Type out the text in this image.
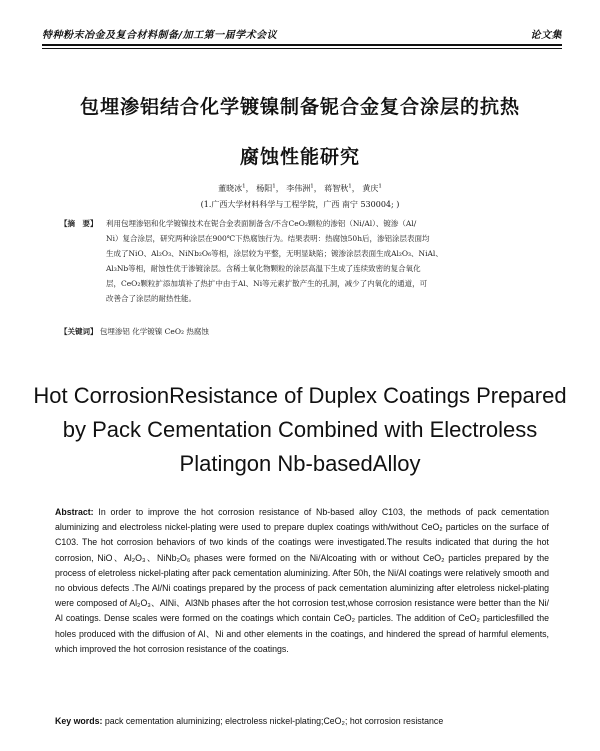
特种粉末冶金及复合材料制备/加工第一届学术会议	论文集
包埋渗铝结合化学镀镍制备铌合金复合涂层的抗热
腐蚀性能研究
董晓冰$^1$， 杨阳$^1$， 李伟洲$^1$， 蒋智秋$^1$， 黄庆$^1$
(1.广西大学材料科学与工程学院，广西 南宁 530004; )
【摘　要】	利用包埋渗铝和化学镀镍技术在铌合金表面制备含/不含CeO₂颗粒的渗铝（Ni/Al）、镀渗（Al/
Ni）复合涂层，研究两种涂层在900℃下热腐蚀行为。结果表明：热腐蚀50h后，渗铝涂层表面均
生成了NiO、Al₂O₃、NiNb₂O₆等相，涂层较为平整，无明显缺陷；镀渗涂层表面生成Al₂O₃、NiAl、
Al₃Nb等相，耐蚀性优于渗镀涂层。含稀土氧化物颗粒的涂层高温下生成了连续致密的复合氧化
层，CeO₂颗粒扩添加填补了热扩中由于Al、Ni等元素扩散产生的孔洞，减少了内氧化的通道，可
改善合了涂层的耐热性能。
【关键词】 包埋渗铝 化学镀镍 CeO₂ 热腐蚀
Hot CorrosionResistance of Duplex Coatings Prepared
by Pack Cementation Combined with Electroless
Platingon Nb-basedAlloy
Abstract: In order to improve the hot corrosion resistance of Nb-based alloy C103, the methods of pack cementation aluminizing and electroless nickel-plating were used to prepare duplex coatings with/without CeO₂ particles on the surface of C103. The hot corrosion behaviors of two kinds of the coatings were investigated.The results indicated that during the hot corrosion, NiO、Al₂O₃、NiNb₂O₆ phases were formed on the Ni/Alcoating with or without CeO₂ particles prepared by the process of eletroless nickel-plating after pack cementation aluminizing. After 50h, the Ni/Al coatings were relatively smooth and no obvious defects .The Al/Ni coatings prepared by the process of pack cementation aluminizing after eletroless nickel-plating were composed of Al₂O₃、AlNi、Al3Nb phases after the hot corrosion test,whose corrosion resistance were better than the Ni/ Al coatings. Dense scales were formed on the coatings which contain CeO₂ particles. The addition of CeO₂ particlesfilled the holes produced with the diffusion of Al、Ni and other elements in the coatings, and hindered the spread of harmful elements, which improved the hot corrosion resistance of the coatings.
Key words: pack cementation aluminizing; electroless nickel-plating;CeO₂; hot corrosion resistance
